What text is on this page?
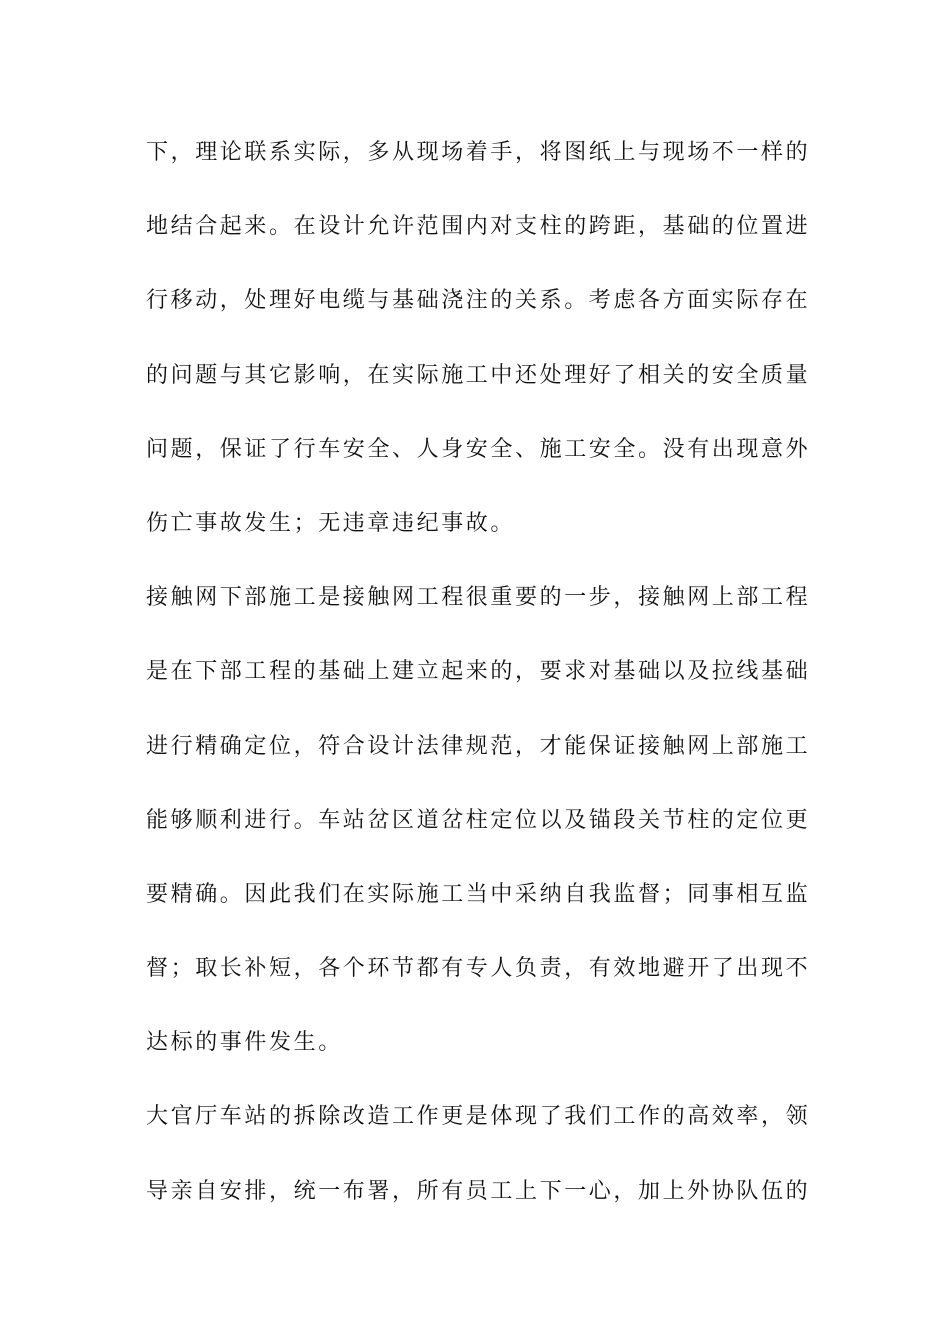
下，理论联系实际，多从现场着手，将图纸上与现场不一样的
地结合起来。在设计允许范围内对支柱的跨距，基础的位置进
行移动，处理好电缆与基础浇注的关系。考虑各方面实际存在
的问题与其它影响，在实际施工中还处理好了相关的安全质量
问题，保证了行车安全、人身安全、施工安全。没有出现意外
伤亡事故发生；无违章违纪事故。
接触网下部施工是接触网工程很重要的一步，接触网上部工程
是在下部工程的基础上建立起来的，要求对基础以及拉线基础
进行精确定位，符合设计法律规范，才能保证接触网上部施工
能够顺利进行。车站岔区道岔柱定位以及锚段关节柱的定位更
要精确。因此我们在实际施工当中采纳自我监督；同事相互监
督；取长补短，各个环节都有专人负责，有效地避开了出现不
达标的事件发生。
大官厅车站的拆除改造工作更是体现了我们工作的高效率，领
导亲自安排，统一布署，所有员工上下一心，加上外协队伍的
